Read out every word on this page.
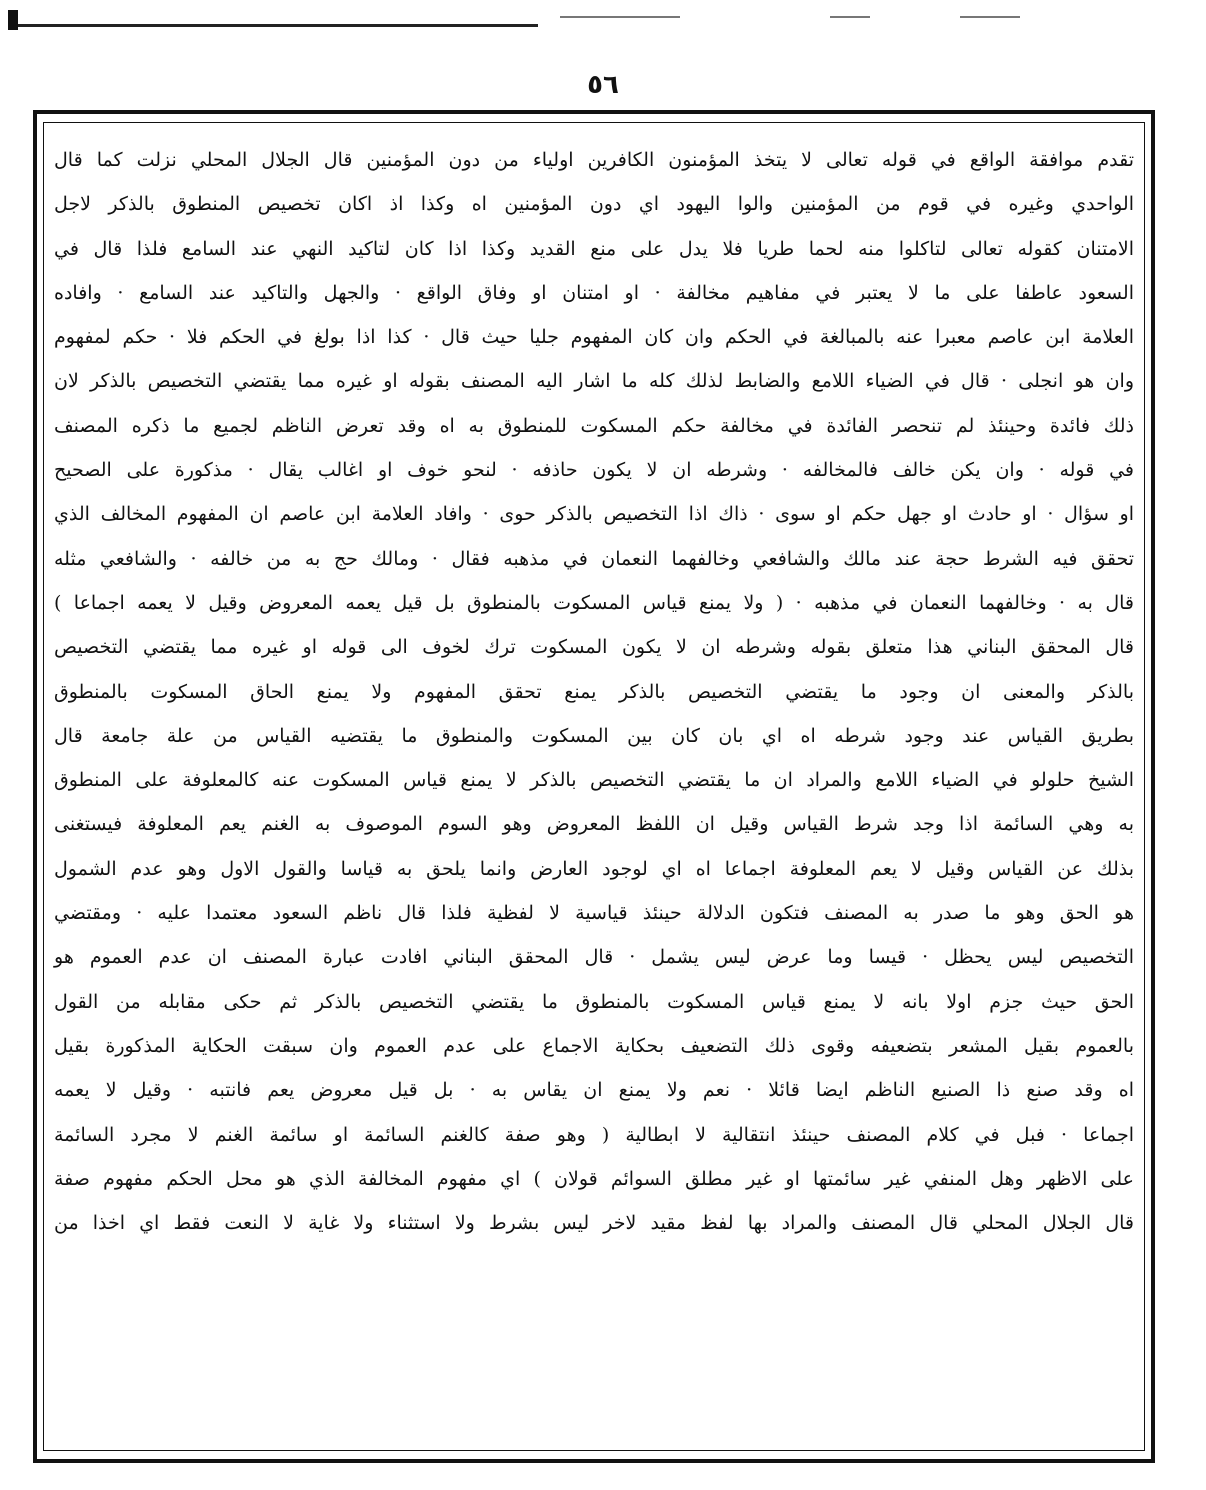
٥٦
تقدم موافقة الواقع في قوله تعالى لا يتخذ المؤمنون الكافرين اولياء من دون المؤمنين قال الجلال المحلي نزلت كما قال
الواحدي وغيره في قوم من المؤمنين والوا اليهود اي دون المؤمنين اه وكذا اذ اكان تخصيص المنطوق بالذكر لاجل
الامتنان كقوله تعالى لتاكلوا منه لحما طريا فلا يدل على منع القديد وكذا اذا كان لتاكيد النهي عند السامع فلذا قال في
السعود عاطفا على ما لا يعتبر في مفاهيم مخالفة · او امتنان او وفاق الواقع · والجهل والتاكيد عند السامع · وافاده
العلامة ابن عاصم معبرا عنه بالمبالغة في الحكم وان كان المفهوم جليا حيث قال · كذا اذا بولغ في الحكم فلا · حكم لمفهوم
وان هو انجلى · قال في الضياء اللامع والضابط لذلك كله ما اشار اليه المصنف بقوله او غيره مما يقتضي التخصيص بالذكر لان
ذلك فائدة وحينئذ لم تنحصر الفائدة في مخالفة حكم المسكوت للمنطوق به اه وقد تعرض الناظم لجميع ما ذكره المصنف
في قوله · وان يكن خالف فالمخالفه · وشرطه ان لا يكون حاذفه · لنحو خوف او اغالب يقال · مذكورة على الصحيح
او سؤال · او حادث او جهل حكم او سوى · ذاك اذا التخصيص بالذكر حوى · وافاد العلامة ابن عاصم ان المفهوم المخالف الذي
تحقق فيه الشرط حجة عند مالك والشافعي وخالفهما النعمان في مذهبه فقال · ومالك حج به من خالفه · والشافعي مثله
قال به · وخالفهما النعمان في مذهبه · ( ولا يمنع قياس المسكوت بالمنطوق بل قيل يعمه المعروض وقيل لا يعمه اجماعا )
قال المحقق البناني هذا متعلق بقوله وشرطه ان لا يكون المسكوت ترك لخوف الى قوله او غيره مما يقتضي التخصيص
بالذكر والمعنى ان وجود ما يقتضي التخصيص بالذكر يمنع تحقق المفهوم ولا يمنع الحاق المسكوت بالمنطوق
بطريق القياس عند وجود شرطه اه اي بان كان بين المسكوت والمنطوق ما يقتضيه القياس من علة جامعة قال
الشيخ حلولو في الضياء اللامع والمراد ان ما يقتضي التخصيص بالذكر لا يمنع قياس المسكوت عنه كالمعلوفة على المنطوق
به وهي السائمة اذا وجد شرط القياس وقيل ان اللفظ المعروض وهو السوم الموصوف به الغنم يعم المعلوفة فيستغنى
بذلك عن القياس وقيل لا يعم المعلوفة اجماعا اه اي لوجود العارض وانما يلحق به قياسا والقول الاول وهو عدم الشمول
هو الحق وهو ما صدر به المصنف فتكون الدلالة حينئذ قياسية لا لفظية فلذا قال ناظم السعود معتمدا عليه · ومقتضي
التخصيص ليس يحظل · قيسا وما عرض ليس يشمل · قال المحقق البناني افادت عبارة المصنف ان عدم العموم هو
الحق حيث جزم اولا بانه لا يمنع قياس المسكوت بالمنطوق ما يقتضي التخصيص بالذكر ثم حكى مقابله من القول
بالعموم بقيل المشعر بتضعيفه وقوى ذلك التضعيف بحكاية الاجماع على عدم العموم وان سبقت الحكاية المذكورة بقيل
اه وقد صنع ذا الصنيع الناظم ايضا قائلا · نعم ولا يمنع ان يقاس به · بل قيل معروض يعم فانتبه · وقيل لا يعمه
اجماعا · فبل في كلام المصنف حينئذ انتقالية لا ابطالية ( وهو صفة كالغنم السائمة او سائمة الغنم لا مجرد السائمة
على الاظهر وهل المنفي غير سائمتها او غير مطلق السوائم قولان ) اي مفهوم المخالفة الذي هو محل الحكم مفهوم صفة
قال الجلال المحلي قال المصنف والمراد بها لفظ مقيد لاخر ليس بشرط ولا استثناء ولا غاية لا النعت فقط اي اخذا من
